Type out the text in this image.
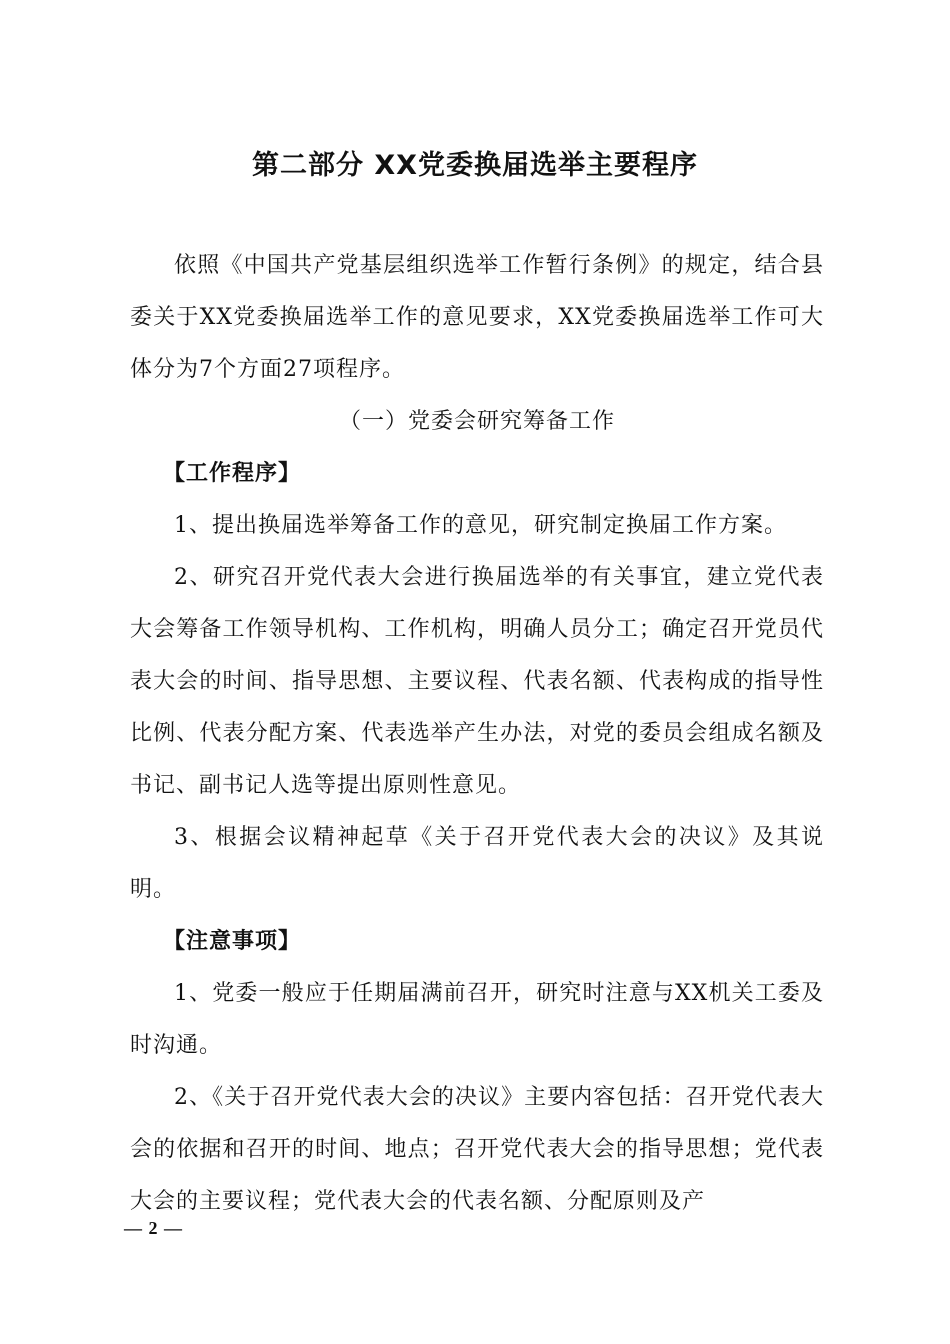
第二部分 XX党委换届选举主要程序

依照《中国共产党基层组织选举工作暂行条例》的规定，结合县委关于XX党委换届选举工作的意见要求，XX党委换届选举工作可大体分为7个方面27项程序。

（一）党委会研究筹备工作

【工作程序】

1、提出换届选举筹备工作的意见，研究制定换届工作方案。

2、研究召开党代表大会进行换届选举的有关事宜，建立党代表大会筹备工作领导机构、工作机构，明确人员分工；确定召开党员代表大会的时间、指导思想、主要议程、代表名额、代表构成的指导性比例、代表分配方案、代表选举产生办法，对党的委员会组成名额及书记、副书记人选等提出原则性意见。

3、根据会议精神起草《关于召开党代表大会的决议》及其说明。

【注意事项】

1、党委一般应于任期届满前召开，研究时注意与XX机关工委及时沟通。

2、《关于召开党代表大会的决议》主要内容包括：召开党代表大会的依据和召开的时间、地点；召开党代表大会的指导思想；党代表大会的主要议程；党代表大会的代表名额、分配原则及产

— 2 —
